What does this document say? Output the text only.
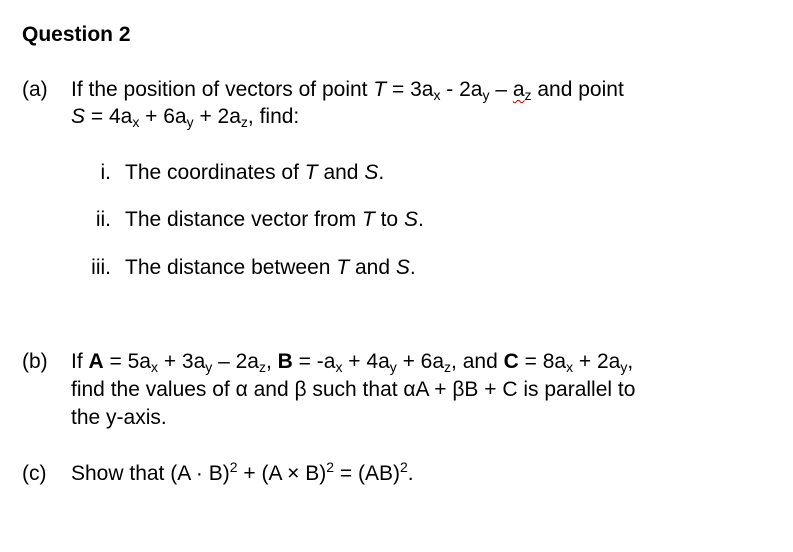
Question 2
(a) If the position of vectors of point $T = 3a_x - 2a_y - a_z$ and point
$S = 4a_x + 6a_y + 2a_z$, find:
i. The coordinates of T and S.
ii. The distance vector from T to S.
iii. The distance between T and S.
(b) If $A = 5a_x + 3a_y - 2a_z$, $B = -a_x + 4a_y + 6a_z$, and $C = 8a_x + 2a_y$,
find the values of α and β such that αA + βB + C is parallel to
the y-axis.
(c) Show that $(A \cdot B)^2 + (A \times B)^2 = (AB)^2$.
